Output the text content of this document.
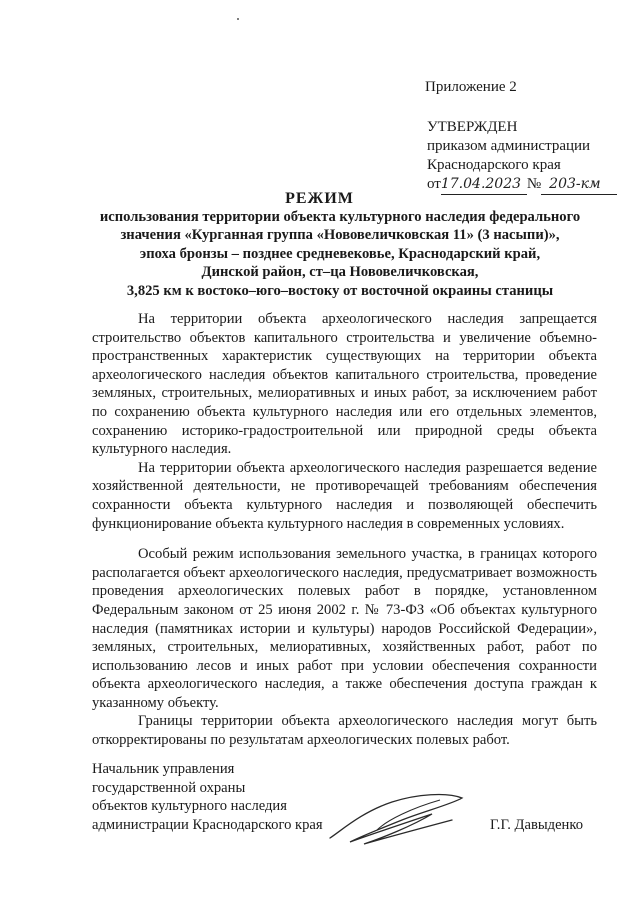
Приложение 2
УТВЕРЖДЕН
приказом администрации
Краснодарского края
от17.04.2023 № 203-км
РЕЖИМ
использования территории объекта культурного наследия федерального
значения «Курганная группа «Нововеличковская 11» (3 насыпи)»,
эпоха бронзы – позднее средневековье, Краснодарский край,
Динской район, ст–ца Нововеличковская,
3,825 км к востоко–юго–востоку от восточной окраины станицы

На территории объекта археологического наследия запрещается строительство объектов капитального строительства и увеличение объемно-пространственных характеристик существующих на территории объекта археологического наследия объектов капитального строительства, проведение земляных, строительных, мелиоративных и иных работ, за исключением работ по сохранению объекта культурного наследия или его отдельных элементов, сохранению историко-градостроительной или природной среды объекта культурного наследия.

На территории объекта археологического наследия разрешается ведение хозяйственной деятельности, не противоречащей требованиям обеспечения сохранности объекта культурного наследия и позволяющей обеспечить функционирование объекта культурного наследия в современных условиях.

Особый режим использования земельного участка, в границах которого располагается объект археологического наследия, предусматривает возможность проведения археологических полевых работ в порядке, установленном Федеральным законом от 25 июня 2002 г. № 73-ФЗ «Об объектах культурного наследия (памятниках истории и культуры) народов Российской Федерации», земляных, строительных, мелиоративных, хозяйственных работ, работ по использованию лесов и иных работ при условии обеспечения сохранности объекта археологического наследия, а также обеспечения доступа граждан к указанному объекту.

Границы территории объекта археологического наследия могут быть откорректированы по результатам археологических полевых работ.

Начальник управления
государственной охраны
объектов культурного наследия
администрации Краснодарского края	Г.Г. Давыденко
